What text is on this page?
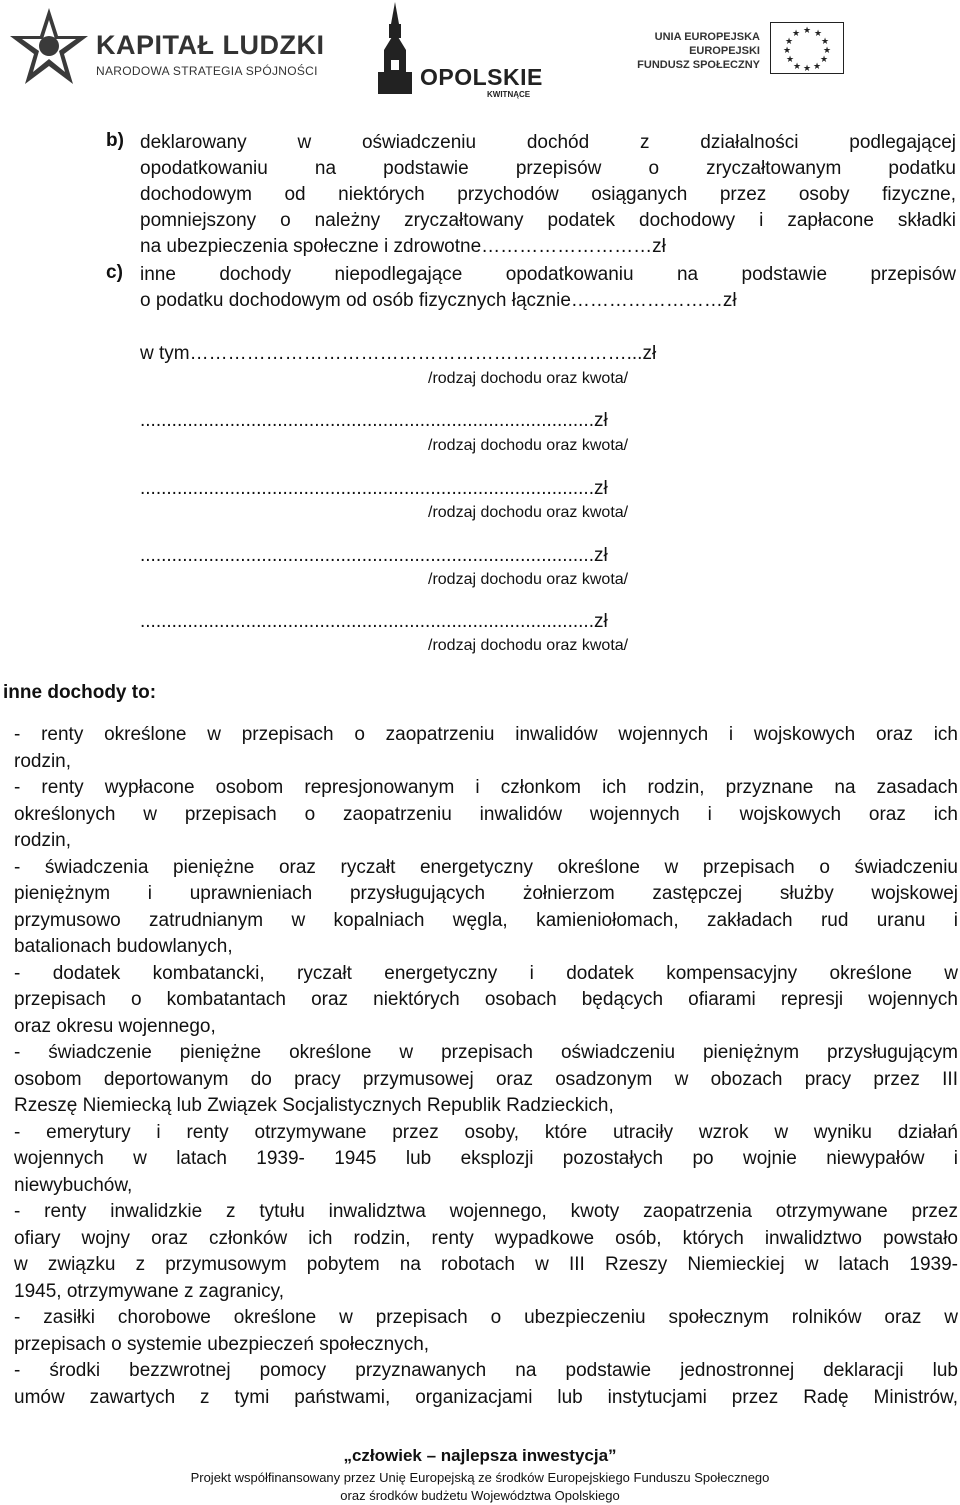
KAPITAŁ LUDZKI
NARODOWA STRATEGIA SPÓJNOŚCI	OPOLSKIE
KWITNĄCE
UNIA EUROPEJSKA
EUROPEJSKI
FUNDUSZ SPOŁECZNY
★ ★
★
★
★
★
★
★
★
★
★
★
b) deklarowany w oświadczeniu dochód z działalności podlegającej
opodatkowaniu na podstawie przepisów o zryczałtowanym podatku
dochodowym od niektórych przychodów osiąganych przez osoby fizyczne,
pomniejszony o należny zryczałtowany podatek dochodowy i zapłacone składki
na ubezpieczenia społeczne i zdrowotne………………………zł
c) inne dochody niepodlegające opodatkowaniu na podstawie przepisów
o podatku dochodowym od osób fizycznych łącznie……………………zł
w tym……………………………………………………………...zł
/rodzaj dochodu oraz kwota/
......................................................................................zł
/rodzaj dochodu oraz kwota/
......................................................................................zł
/rodzaj dochodu oraz kwota/
......................................................................................zł
/rodzaj dochodu oraz kwota/
......................................................................................zł
/rodzaj dochodu oraz kwota/
inne dochody to:
- renty określone w przepisach o zaopatrzeniu inwalidów wojennych i wojskowych oraz ich
rodzin,
- renty wypłacone osobom represjonowanym i członkom ich rodzin, przyznane na zasadach
określonych w przepisach o zaopatrzeniu inwalidów wojennych i wojskowych oraz ich
rodzin,
- świadczenia pieniężne oraz ryczałt energetyczny określone w przepisach o świadczeniu
pieniężnym i uprawnieniach przysługujących żołnierzom zastępczej służby wojskowej
przymusowo zatrudnianym w kopalniach węgla, kamieniołomach, zakładach rud uranu i
batalionach budowlanych,
- dodatek kombatancki, ryczałt energetyczny i dodatek kompensacyjny określone w
przepisach o kombatantach oraz niektórych osobach będących ofiarami represji wojennych
oraz okresu wojennego,
- świadczenie pieniężne określone w przepisach oświadczeniu pieniężnym przysługującym
osobom deportowanym do pracy przymusowej oraz osadzonym w obozach pracy przez III
Rzeszę Niemiecką lub Związek Socjalistycznych Republik Radzieckich,
- emerytury i renty otrzymywane przez osoby, które utraciły wzrok w wyniku działań
wojennych w latach 1939- 1945 lub eksplozji pozostałych po wojnie niewypałów i
niewybuchów,
- renty inwalidzkie z tytułu inwalidztwa wojennego, kwoty zaopatrzenia otrzymywane przez
ofiary wojny oraz członków ich rodzin, renty wypadkowe osób, których inwalidztwo powstało
w związku z przymusowym pobytem na robotach w III Rzeszy Niemieckiej w latach 1939-
1945, otrzymywane z zagranicy,
- zasiłki chorobowe określone w przepisach o ubezpieczeniu społecznym rolników oraz w
przepisach o systemie ubezpieczeń społecznych,
- środki bezzwrotnej pomocy przyznawanych na podstawie jednostronnej deklaracji lub
umów zawartych z tymi państwami, organizacjami lub instytucjami przez Radę Ministrów,
„człowiek – najlepsza inwestycja”
Projekt współfinansowany przez Unię Europejską ze środków Europejskiego Funduszu Społecznego
oraz środków budżetu Województwa Opolskiego
